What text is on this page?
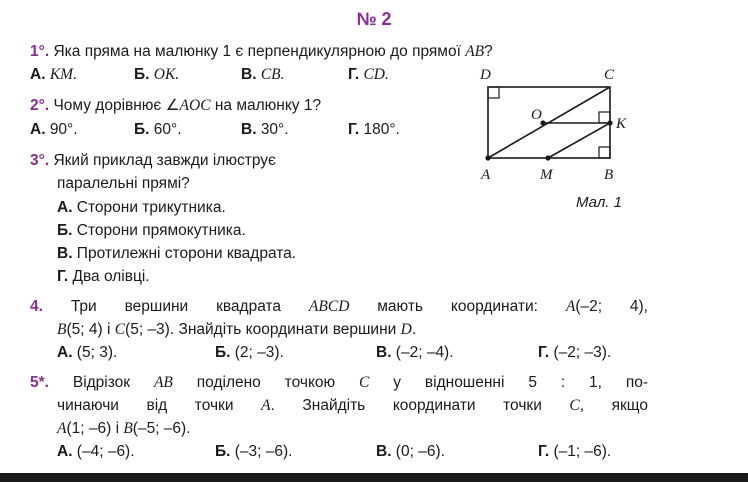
№ 2
1°. Яка пряма на малюнку 1 є перпендикулярною до прямої AB?
А. KM.	Б. OK.	В. CB.	Г. CD.
2°. Чому дорівнює ∠AOC на малюнку 1?
А. 90°.	Б. 60°.	В. 30°.	Г. 180°.
3°. Який приклад завжди ілюструє
паралельні прямі?
А. Сторони трикутника.
Б. Сторони прямокутника.
В. Протилежні сторони квадрата.
Г. Два олівці.
D	C
O
K
A	M	B
Мал. 1
4. Три вершини квадрата ABCD мають координати: A(–2; 4),
B(5; 4) і C(5; –3). Знайдіть координати вершини D.
А. (5; 3).	Б. (2; –3).	В. (–2; –4).	Г. (–2; –3).
5*. Відрізок AB поділено точкою C у відношенні 5 : 1, по-
чинаючи від точки A. Знайдіть координати точки C, якщо
A(1; –6) і B(–5; –6).
А. (–4; –6).	Б. (–3; –6).	В. (0; –6).	Г. (–1; –6).
